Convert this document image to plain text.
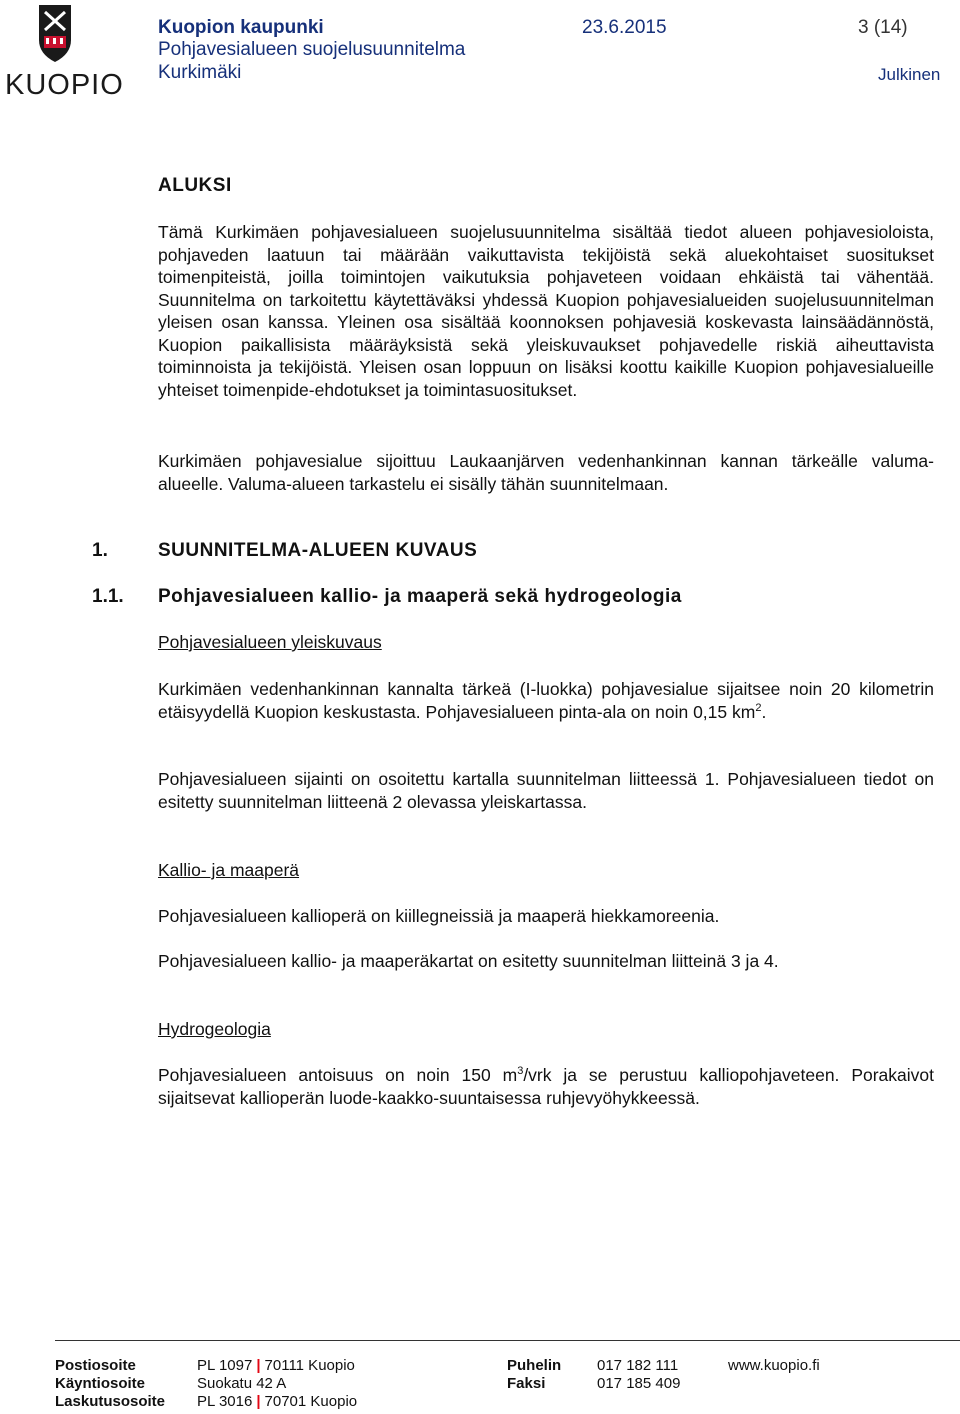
KUOPIO
Kuopion kaupunki	23.6.2015	3 (14)
Pohjavesialueen suojelusuunnitelma
Kurkimäki	Julkinen
ALUKSI

Tämä Kurkimäen pohjavesialueen suojelusuunnitelma sisältää tiedot alueen pohjavesioloista, pohjaveden laatuun tai määrään vaikuttavista tekijöistä sekä aluekohtaiset suositukset toimenpiteistä, joilla toimintojen vaikutuksia pohjaveteen voidaan ehkäistä tai vähentää. Suunnitelma on tarkoitettu käytettäväksi yhdessä Kuopion pohjavesialueiden suojelusuunnitelman yleisen osan kanssa. Yleinen osa sisältää koonnoksen pohjavesiä koskevasta lainsäädännöstä, Kuopion paikallisista määräyksistä sekä yleiskuvaukset pohjavedelle riskiä aiheuttavista toiminnoista ja tekijöistä. Yleisen osan loppuun on lisäksi koottu kaikille Kuopion pohjavesialueille yhteiset toimenpide-ehdotukset ja toimintasuositukset.

Kurkimäen pohjavesialue sijoittuu Laukaanjärven vedenhankinnan kannan tärkeälle valuma-alueelle. Valuma-alueen tarkastelu ei sisälly tähän suunnitelmaan.

1.	SUUNNITELMA-ALUEEN KUVAUS
1.1. Pohjavesialueen kallio- ja maaperä sekä hydrogeologia
Pohjavesialueen yleiskuvaus

Kurkimäen vedenhankinnan kannalta tärkeä (I-luokka) pohjavesialue sijaitsee noin 20 kilometrin etäisyydellä Kuopion keskustasta. Pohjavesialueen pinta-ala on noin 0,15 $km^2$.

Pohjavesialueen sijainti on osoitettu kartalla suunnitelman liitteessä 1. Pohjavesialueen tiedot on esitetty suunnitelman liitteenä 2 olevassa yleiskartassa.

Kallio- ja maaperä

Pohjavesialueen kallioperä on kiillegneissiä ja maaperä hiekkamoreenia.

Pohjavesialueen kallio- ja maaperäkartat on esitetty suunnitelman liitteinä 3 ja 4.

Hydrogeologia

Pohjavesialueen antoisuus on noin 150 $m^3$/vrk ja se perustuu kalliopohjaveteen. Porakaivot sijaitsevat kallioperän luode-kaakko-suuntaisessa ruhjevyöhykkeessä.

Postiosoite	PL 1097 | 70111 Kuopio
Käyntiosoite	Suokatu 42 A
Laskutusosoite PL 3016 | 70701 Kuopio
Puhelin 017 182 111
Faksi	017 185 409
www.kuopio.fi
